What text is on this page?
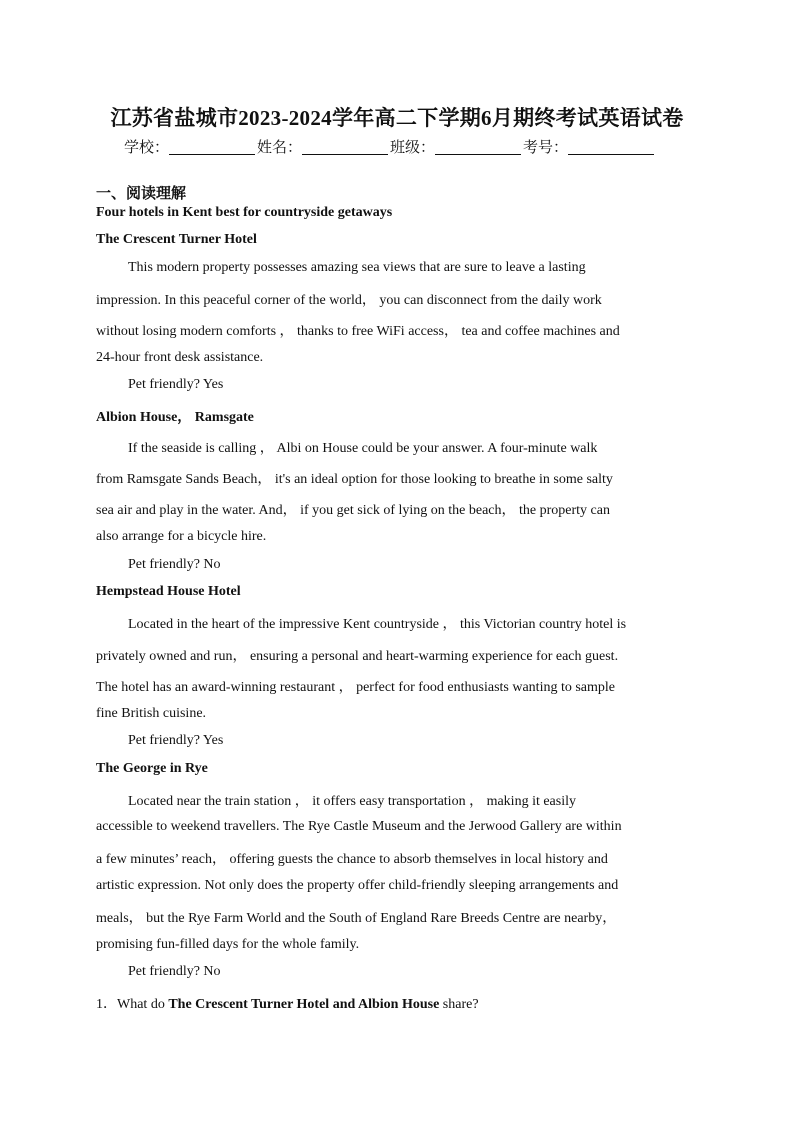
江苏省盐城市2023-2024学年高二下学期6月期终考试英语试卷
学校：	姓名：	班级：	考号：
一、阅读理解
Four hotels in Kent best for countryside getaways
The Crescent Turner Hotel
This modern property possesses amazing sea views that are sure to leave a lasting
impression. In this peaceful corner of the world， you can disconnect from the daily work
without losing modern comforts ， thanks to free WiFi access， tea and coffee machines and
24-hour front desk assistance.
Pet friendly? Yes
Albion House， Ramsgate
If the seaside is calling ， Albi on House could be your answer. A four-minute walk
from Ramsgate Sands Beach， it's an ideal option for those looking to breathe in some salty
sea air and play in the water. And， if you get sick of lying on the beach， the property can
also arrange for a bicycle hire.
Pet friendly? No
Hempstead House Hotel
Located in the heart of the impressive Kent countryside ， this Victorian country hotel is
privately owned and run， ensuring a personal and heart-warming experience for each guest.
The hotel has an award-winning restaurant ， perfect for food enthusiasts wanting to sample
fine British cuisine.
Pet friendly? Yes
The George in Rye
Located near the train station ， it offers easy transportation ， making it easily
accessible to weekend travellers. The Rye Castle Museum and the Jerwood Gallery are within
a few minutes’ reach， offering guests the chance to absorb themselves in local history and
artistic expression. Not only does the property offer child-friendly sleeping arrangements and
meals， but the Rye Farm World and the South of England Rare Breeds Centre are nearby，
promising fun-filled days for the whole family.
Pet friendly? No
1．What do The Crescent Turner Hotel and Albion House share?
